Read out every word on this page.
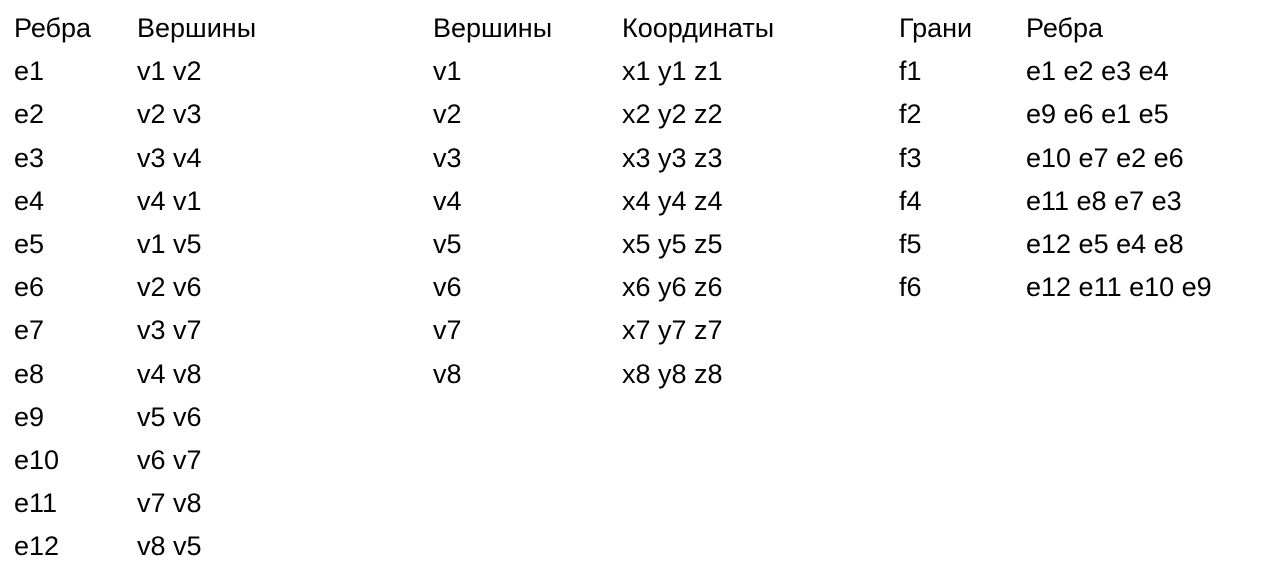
Ребра	Вершины
e1	v1 v2
e2	v2 v3
e3	v3 v4
e4	v4 v1
e5	v1 v5
e6	v2 v6
e7	v3 v7
e8	v4 v8
e9	v5 v6
e10	v6 v7
e11	v7 v8
e12	v8 v5
Вершины	Координаты
v1	x1 y1 z1
v2	x2 y2 z2
v3	x3 y3 z3
v4	x4 y4 z4
v5	x5 y5 z5
v6	x6 y6 z6
v7	x7 y7 z7
v8	x8 y8 z8
Грани	Ребра
f1	e1 e2 e3 e4
f2	e9 e6 e1 e5
f3	e10 e7 e2 e6
f4	e11 e8 e7 e3
f5	e12 e5 e4 e8
f6	e12 e11 e10 e9
